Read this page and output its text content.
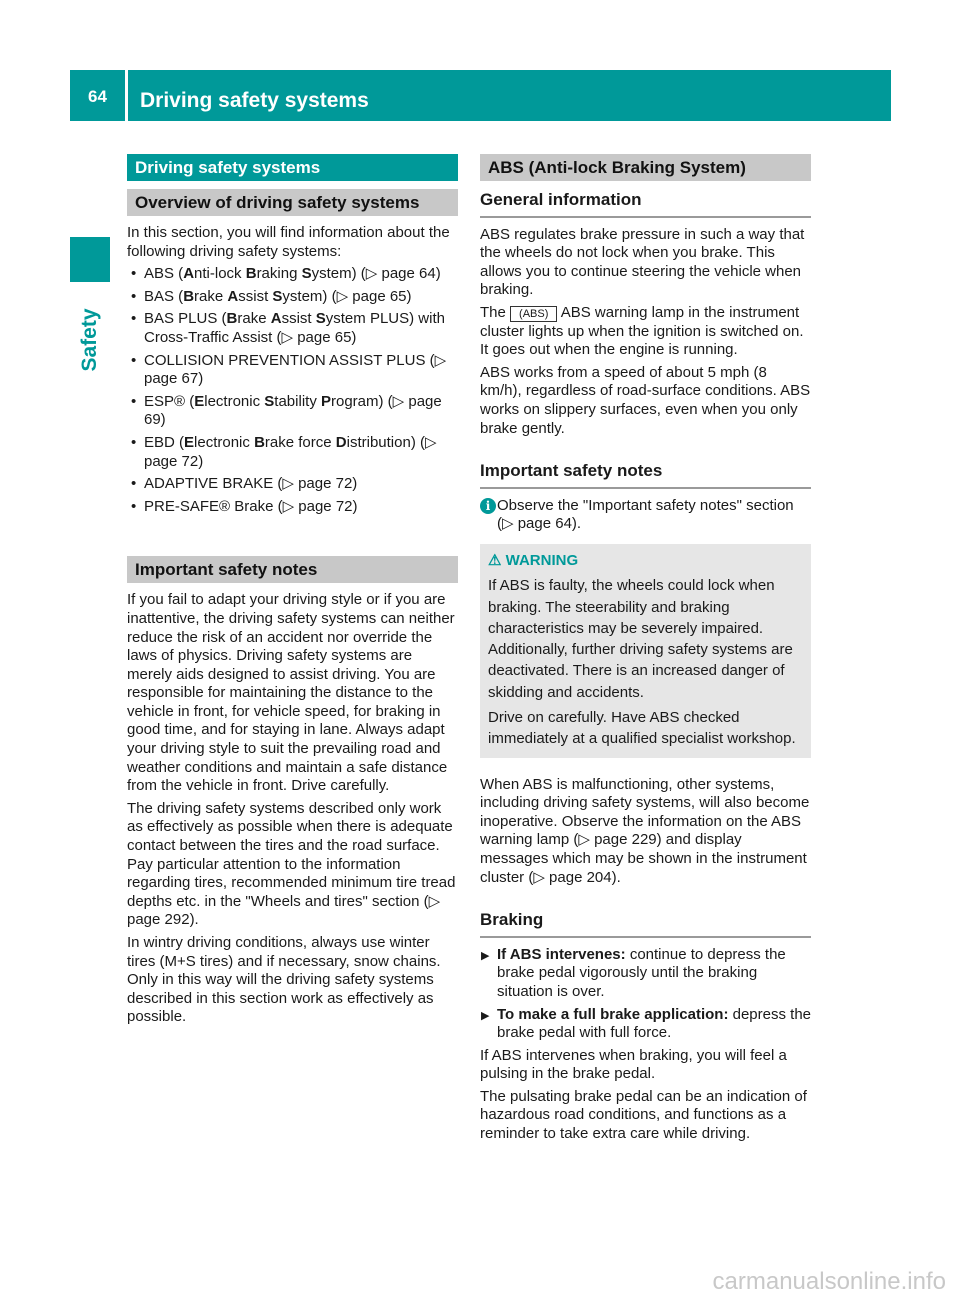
64	Driving safety systems
Safety
Driving safety systems
Overview of driving safety systems

In this section, you will find information about the following driving safety systems:

• ABS (Anti-lock Braking System) (▷ page 64)
• BAS (Brake Assist System) (▷ page 65)
• BAS PLUS (Brake Assist System PLUS) with Cross-Traffic Assist (▷ page 65)
• COLLISION PREVENTION ASSIST PLUS (▷ page 67)
• ESP® (Electronic Stability Program) (▷ page 69)
• EBD (Electronic Brake force Distribution) (▷ page 72)
• ADAPTIVE BRAKE (▷ page 72)
• PRE-SAFE® Brake (▷ page 72)
Important safety notes

If you fail to adapt your driving style or if you are inattentive, the driving safety systems can neither reduce the risk of an accident nor override the laws of physics. Driving safety systems are merely aids designed to assist driving. You are responsible for maintaining the distance to the vehicle in front, for vehicle speed, for braking in good time, and for staying in lane. Always adapt your driving style to suit the prevailing road and weather conditions and maintain a safe distance from the vehicle in front. Drive carefully.

The driving safety systems described only work as effectively as possible when there is adequate contact between the tires and the road surface. Pay particular attention to the information regarding tires, recommended minimum tire tread depths etc. in the "Wheels and tires" section (▷ page 292).

In wintry driving conditions, always use winter tires (M+S tires) and if necessary, snow chains. Only in this way will the driving safety systems described in this section work as effectively as possible.

ABS (Anti-lock Braking System)
General information

ABS regulates brake pressure in such a way that the wheels do not lock when you brake. This allows you to continue steering the vehicle when braking.

The (ABS) ABS warning lamp in the instrument cluster lights up when the ignition is switched on. It goes out when the engine is running.

ABS works from a speed of about 5 mph (8 km/h), regardless of road-surface conditions. ABS works on slippery surfaces, even when you only brake gently.

Important safety notes
i Observe the "Important safety notes" section (▷ page 64).
⚠ WARNING

If ABS is faulty, the wheels could lock when braking. The steerability and braking characteristics may be severely impaired. Additionally, further driving safety systems are deactivated. There is an increased danger of skidding and accidents.

Drive on carefully. Have ABS checked immediately at a qualified specialist workshop.

When ABS is malfunctioning, other systems, including driving safety systems, will also become inoperative. Observe the information on the ABS warning lamp (▷ page 229) and display messages which may be shown in the instrument cluster (▷ page 204).

Braking
▶ If ABS intervenes: continue to depress the brake pedal vigorously until the braking situation is over.
▶ To make a full brake application: depress the brake pedal with full force.

If ABS intervenes when braking, you will feel a pulsing in the brake pedal.

The pulsating brake pedal can be an indication of hazardous road conditions, and functions as a reminder to take extra care while driving.

carmanualsonline.info
